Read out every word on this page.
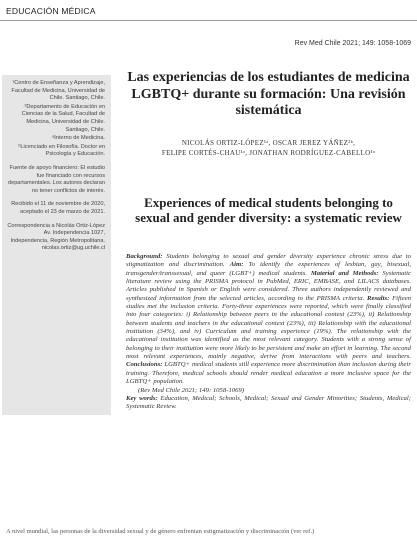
EDUCACIÓN MÉDICA
Rev Med Chile 2021; 149: 1058-1069

¹Centro de Enseñanza y Aprendizaje, Facultad de Medicina, Universidad de Chile. Santiago, Chile.

²Departamento de Educación en Ciencias de la Salud, Facultad de Medicina, Universidad de Chile. Santiago, Chile.

ᵃInterno de Medicina.

ᵇLicenciado en Filosofía. Doctor en Psicología y Educación.

Fuente de apoyo financiero: El estudio fue financiado con recursos departamentales. Los autores declaran no tener conflictos de interés.

Recibido el 11 de noviembre de 2020, aceptado el 23 de marzo de 2021.

Correspondencia a Nicolás Ortiz-López Av. Independencia 1027, Independencia, Región Metropolitana. nicolas.ortiz@ug.uchile.cl

Las experiencias de los estudiantes de medicina LGBTQ+ durante su formación: Una revisión sistemática
NICOLÁS ORTIZ-LÓPEZ¹ᵃ, OSCAR JEREZ YÁÑEZ²ᵇ,
FELIPE CORTÉS-CHAU¹ᵃ, JONATHAN RODRÍGUEZ-CABELLO¹ᵃ
Experiences of medical students belonging to sexual and gender diversity: a systematic review

Background: Students belonging to sexual and gender diversity experience chronic stress due to stigmatization and discrimination. Aim: To identify the experiences of lesbian, gay, bisexual, transgender/transsexual, and queer (LGBT+) medical students. Material and Methods: Systematic literature review using the PRISMA protocol in PubMed, ERIC, EMBASE, and LILACS databases. Articles published in Spanish or English were considered. Three authors independently reviewed and synthesized information from the selected articles, according to the PRISMA criteria. Results: Fifteen studies met the inclusion criteria. Forty-three experiences were reported, which were finally classified into four categories: i) Relationship between peers in the educational context (23%), ii) Relationship between students and teachers in the educational context (23%), iii) Relationship with the educational institution (34%), and iv) Curriculum and training experience (19%). The relationship with the educational institution was identified as the most relevant category. Students with a strong sense of belonging to their institution were more likely to be persistent and make an effort in learning. The second most relevant experiences, mainly negative, derive from interactions with peers and teachers. Conclusions: LGBTQ+ medical students still experience more discrimination than inclusion during their training. Therefore, medical schools should render medical education a more inclusive space for the LGBTQ+ population.

(Rev Med Chile 2021; 149: 1058-1069)

Key words: Education, Medical; Schools, Medical; Sexual and Gender Minorities; Students, Medical; Systematic Review.

A nivel mundial, las personas de la diversidad sexual y de género enfrentan estigmatización y discriminación (ver ref.)
